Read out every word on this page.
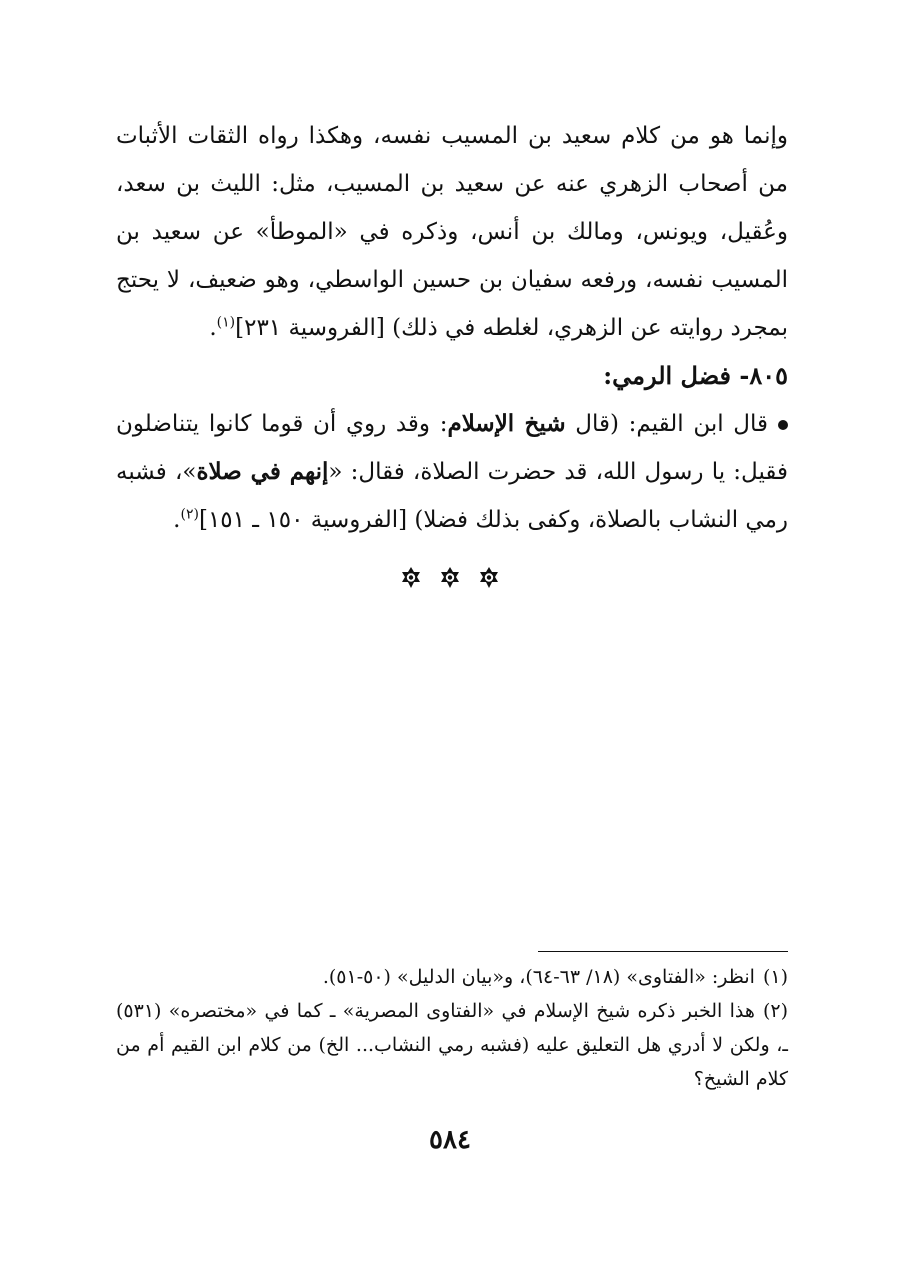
وإنما هو من كلام سعيد بن المسيب نفسه، وهكذا رواه الثقات الأثبات من أصحاب الزهري عنه عن سعيد بن المسيب، مثل: الليث بن سعد، وعُقيل، ويونس، ومالك بن أنس، وذكره في «الموطأ» عن سعيد بن المسيب نفسه، ورفعه سفيان بن حسين الواسطي، وهو ضعيف، لا يحتج بمجرد روايته عن الزهري، لغلطه في ذلك) [الفروسية ٢٣١]$^{(١)}$.

٨٠٥- فضل الرمي:

قال ابن القيم: (قال شيخ الإسلام: وقد روي أن قوما كانوا يتناضلون فقيل: يا رسول الله، قد حضرت الصلاة، فقال: «إنهم في صلاة»، فشبه رمي النشاب بالصلاة، وكفى بذلك فضلا) [الفروسية ١٥٠ ـ ١٥١]$^{(٢)}$.

(١)انظر: «الفتاوى» (١٨/ ٦٣-٦٤)، و«بيان الدليل» (٥٠-٥١).

(٢)هذا الخبر ذكره شيخ الإسلام في «الفتاوى المصرية» ـ كما في «مختصره» (٥٣١) ـ، ولكن لا أدري هل التعليق عليه (فشبه رمي النشاب... الخ) من كلام ابن القيم أم من كلام الشيخ؟

٥٨٤
